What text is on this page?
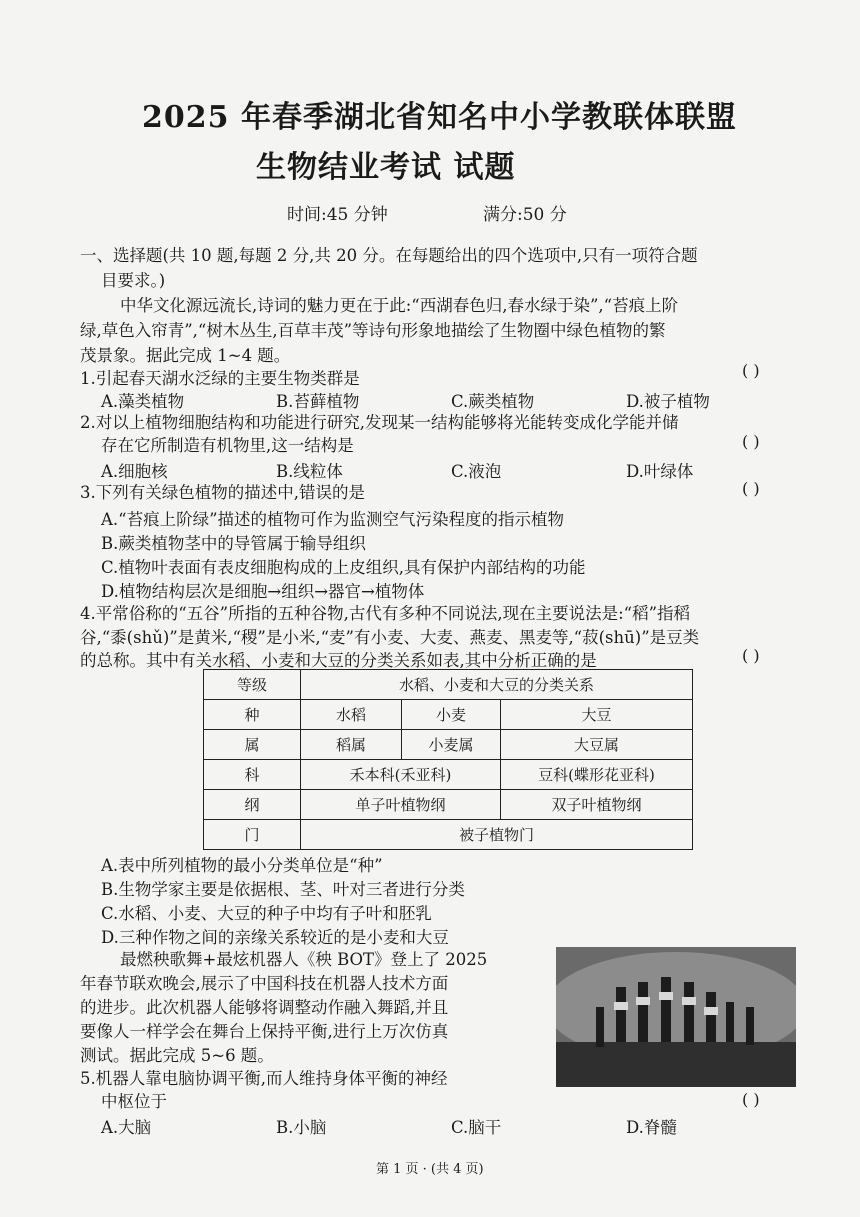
2025 年春季湖北省知名中小学教联体联盟
生物结业考试 试题
时间:45 分钟	满分:50 分
一、选择题(共 10 题,每题 2 分,共 20 分。在每题给出的四个选项中,只有一项符合题
目要求。)
中华文化源远流长,诗词的魅力更在于此:“西湖春色归,春水绿于染”,“苔痕上阶
绿,草色入帘青”,“树木丛生,百草丰茂”等诗句形象地描绘了生物圈中绿色植物的繁
茂景象。据此完成 1~4 题。
1.引起春天湖水泛绿的主要生物类群是	( )
A.藻类植物	B.苔藓植物	C.蕨类植物	D.被子植物
2.对以上植物细胞结构和功能进行研究,发现某一结构能够将光能转变成化学能并储
存在它所制造有机物里,这一结构是	( )
A.细胞核	B.线粒体	C.液泡	D.叶绿体
3.下列有关绿色植物的描述中,错误的是	( )
A.“苔痕上阶绿”描述的植物可作为监测空气污染程度的指示植物
B.蕨类植物茎中的导管属于输导组织
C.植物叶表面有表皮细胞构成的上皮组织,具有保护内部结构的功能
D.植物结构层次是细胞→组织→器官→植物体
4.平常俗称的“五谷”所指的五种谷物,古代有多种不同说法,现在主要说法是:“稻”指稻
谷,“黍(shǔ)”是黄米,“稷”是小米,“麦”有小麦、大麦、燕麦、黑麦等,“菽(shū)”是豆类
的总称。其中有关水稻、小麦和大豆的分类关系如表,其中分析正确的是	( )
等级	水稻、小麦和大豆的分类关系		
种	水稻	小麦	大豆
属	稻属	小麦属	大豆属
科	禾本科(禾亚科)		豆科(蝶形花亚科)
纲	单子叶植物纲		双子叶植物纲
门	被子植物门		
A.表中所列植物的最小分类单位是“种”
B.生物学家主要是依据根、茎、叶对三者进行分类
C.水稻、小麦、大豆的种子中均有子叶和胚乳
D.三种作物之间的亲缘关系较近的是小麦和大豆
最燃秧歌舞+最炫机器人《秧 BOT》登上了 2025
年春节联欢晚会,展示了中国科技在机器人技术方面
的进步。此次机器人能够将调整动作融入舞蹈,并且
要像人一样学会在舞台上保持平衡,进行上万次仿真
测试。据此完成 5~6 题。
5.机器人靠电脑协调平衡,而人维持身体平衡的神经
中枢位于	( )
A.大脑	B.小脑	C.脑干	D.脊髓
第 1 页 · (共 4 页)
